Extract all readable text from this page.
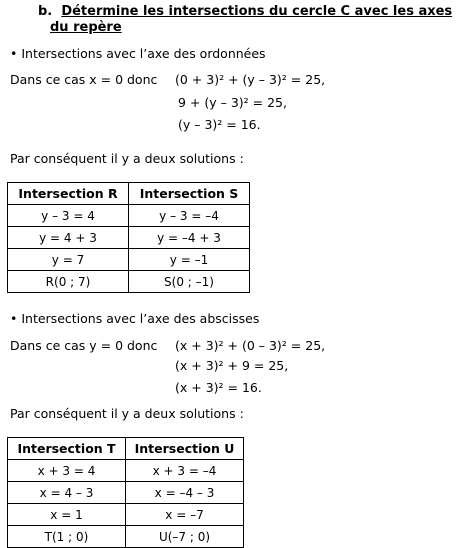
b. Détermine les intersections du cercle C avec les axes
du repère
• Intersections avec l’axe des ordonnées
Dans ce cas x = 0 donc (0 + 3)² + (y – 3)² = 25,
9 + (y – 3)² = 25,
(y – 3)² = 16.
Par conséquent il y a deux solutions :
Intersection R	Intersection S
y – 3 = 4	y – 3 = –4
y = 4 + 3	y = –4 + 3
y = 7	y = –1
R(0 ; 7)	S(0 ; –1)
• Intersections avec l’axe des abscisses
Dans ce cas y = 0 donc (x + 3)² + (0 – 3)² = 25,
(x + 3)² + 9 = 25,
(x + 3)² = 16.
Par conséquent il y a deux solutions :
Intersection T	Intersection U
x + 3 = 4	x + 3 = –4
x = 4 – 3	x = –4 – 3
x = 1	x = –7
T(1 ; 0)	U(–7 ; 0)
